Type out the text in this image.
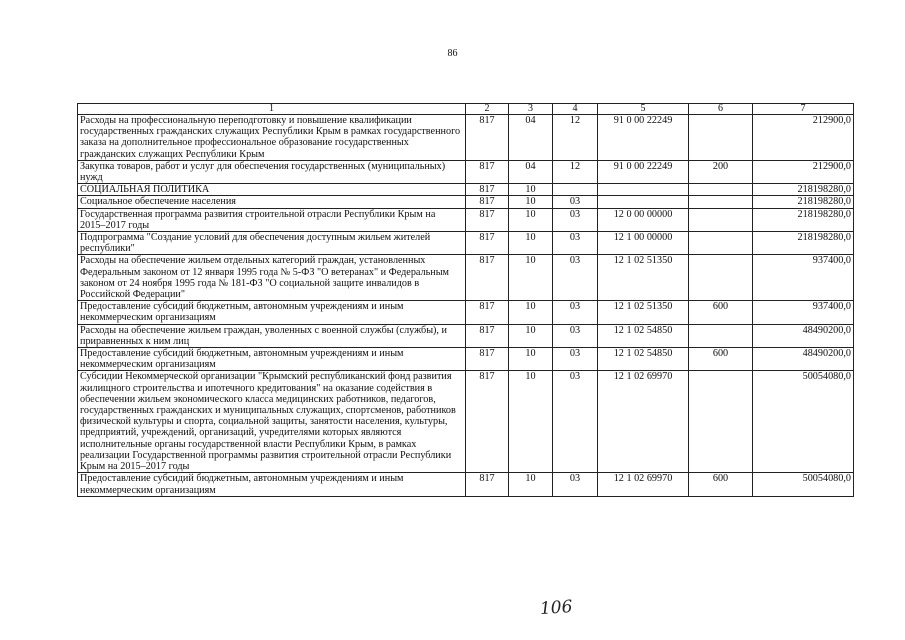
86
1	2	3	4	5	6	7
Расходы на профессиональную переподготовку и повышение квалификации государственных гражданских служащих Республики Крым в рамках государственного заказа на дополнительное профессиональное образование государственных гражданских служащих Республики Крым	817	04	12	91 0 00 22249		212900,0
Закупка товаров, работ и услуг для обеспечения государственных (муниципальных) нужд	817	04	12	91 0 00 22249	200	212900,0
СОЦИАЛЬНАЯ ПОЛИТИКА	817	10				218198280,0
Социальное обеспечение населения	817	10	03			218198280,0
Государственная программа развития строительной отрасли Республики Крым на 2015–2017 годы	817	10	03	12 0 00 00000		218198280,0
Подпрограмма "Создание условий для обеспечения доступным жильем жителей республики"	817	10	03	12 1 00 00000		218198280,0
Расходы на обеспечение жильем отдельных категорий граждан, установленных Федеральным законом от 12 января 1995 года № 5-ФЗ "О ветеранах" и Федеральным законом от 24 ноября 1995 года № 181-ФЗ "О социальной защите инвалидов в Российской Федерации"	817	10	03	12 1 02 51350		937400,0
Предоставление субсидий бюджетным, автономным учреждениям и иным некоммерческим организациям	817	10	03	12 1 02 51350	600	937400,0
Расходы на обеспечение жильем граждан, уволенных с военной службы (службы), и приравненных к ним лиц	817	10	03	12 1 02 54850		48490200,0
Предоставление субсидий бюджетным, автономным учреждениям и иным некоммерческим организациям	817	10	03	12 1 02 54850	600	48490200,0
Субсидии Некоммерческой организации "Крымский республиканский фонд развития жилищного строительства и ипотечного кредитования" на оказание содействия в обеспечении жильем экономического класса медицинских работников, педагогов, государственных гражданских и муниципальных служащих, спортсменов, работников физической культуры и спорта, социальной защиты, занятости населения, культуры, предприятий, учреждений, организаций, учредителями которых являются исполнительные органы государственной власти Республики Крым, в рамках реализации Государственной программы развития строительной отрасли Республики Крым на 2015–2017 годы	817	10	03	12 1 02 69970		50054080,0
Предоставление субсидий бюджетным, автономным учреждениям и иным некоммерческим организациям	817	10	03	12 1 02 69970	600	50054080,0
106
